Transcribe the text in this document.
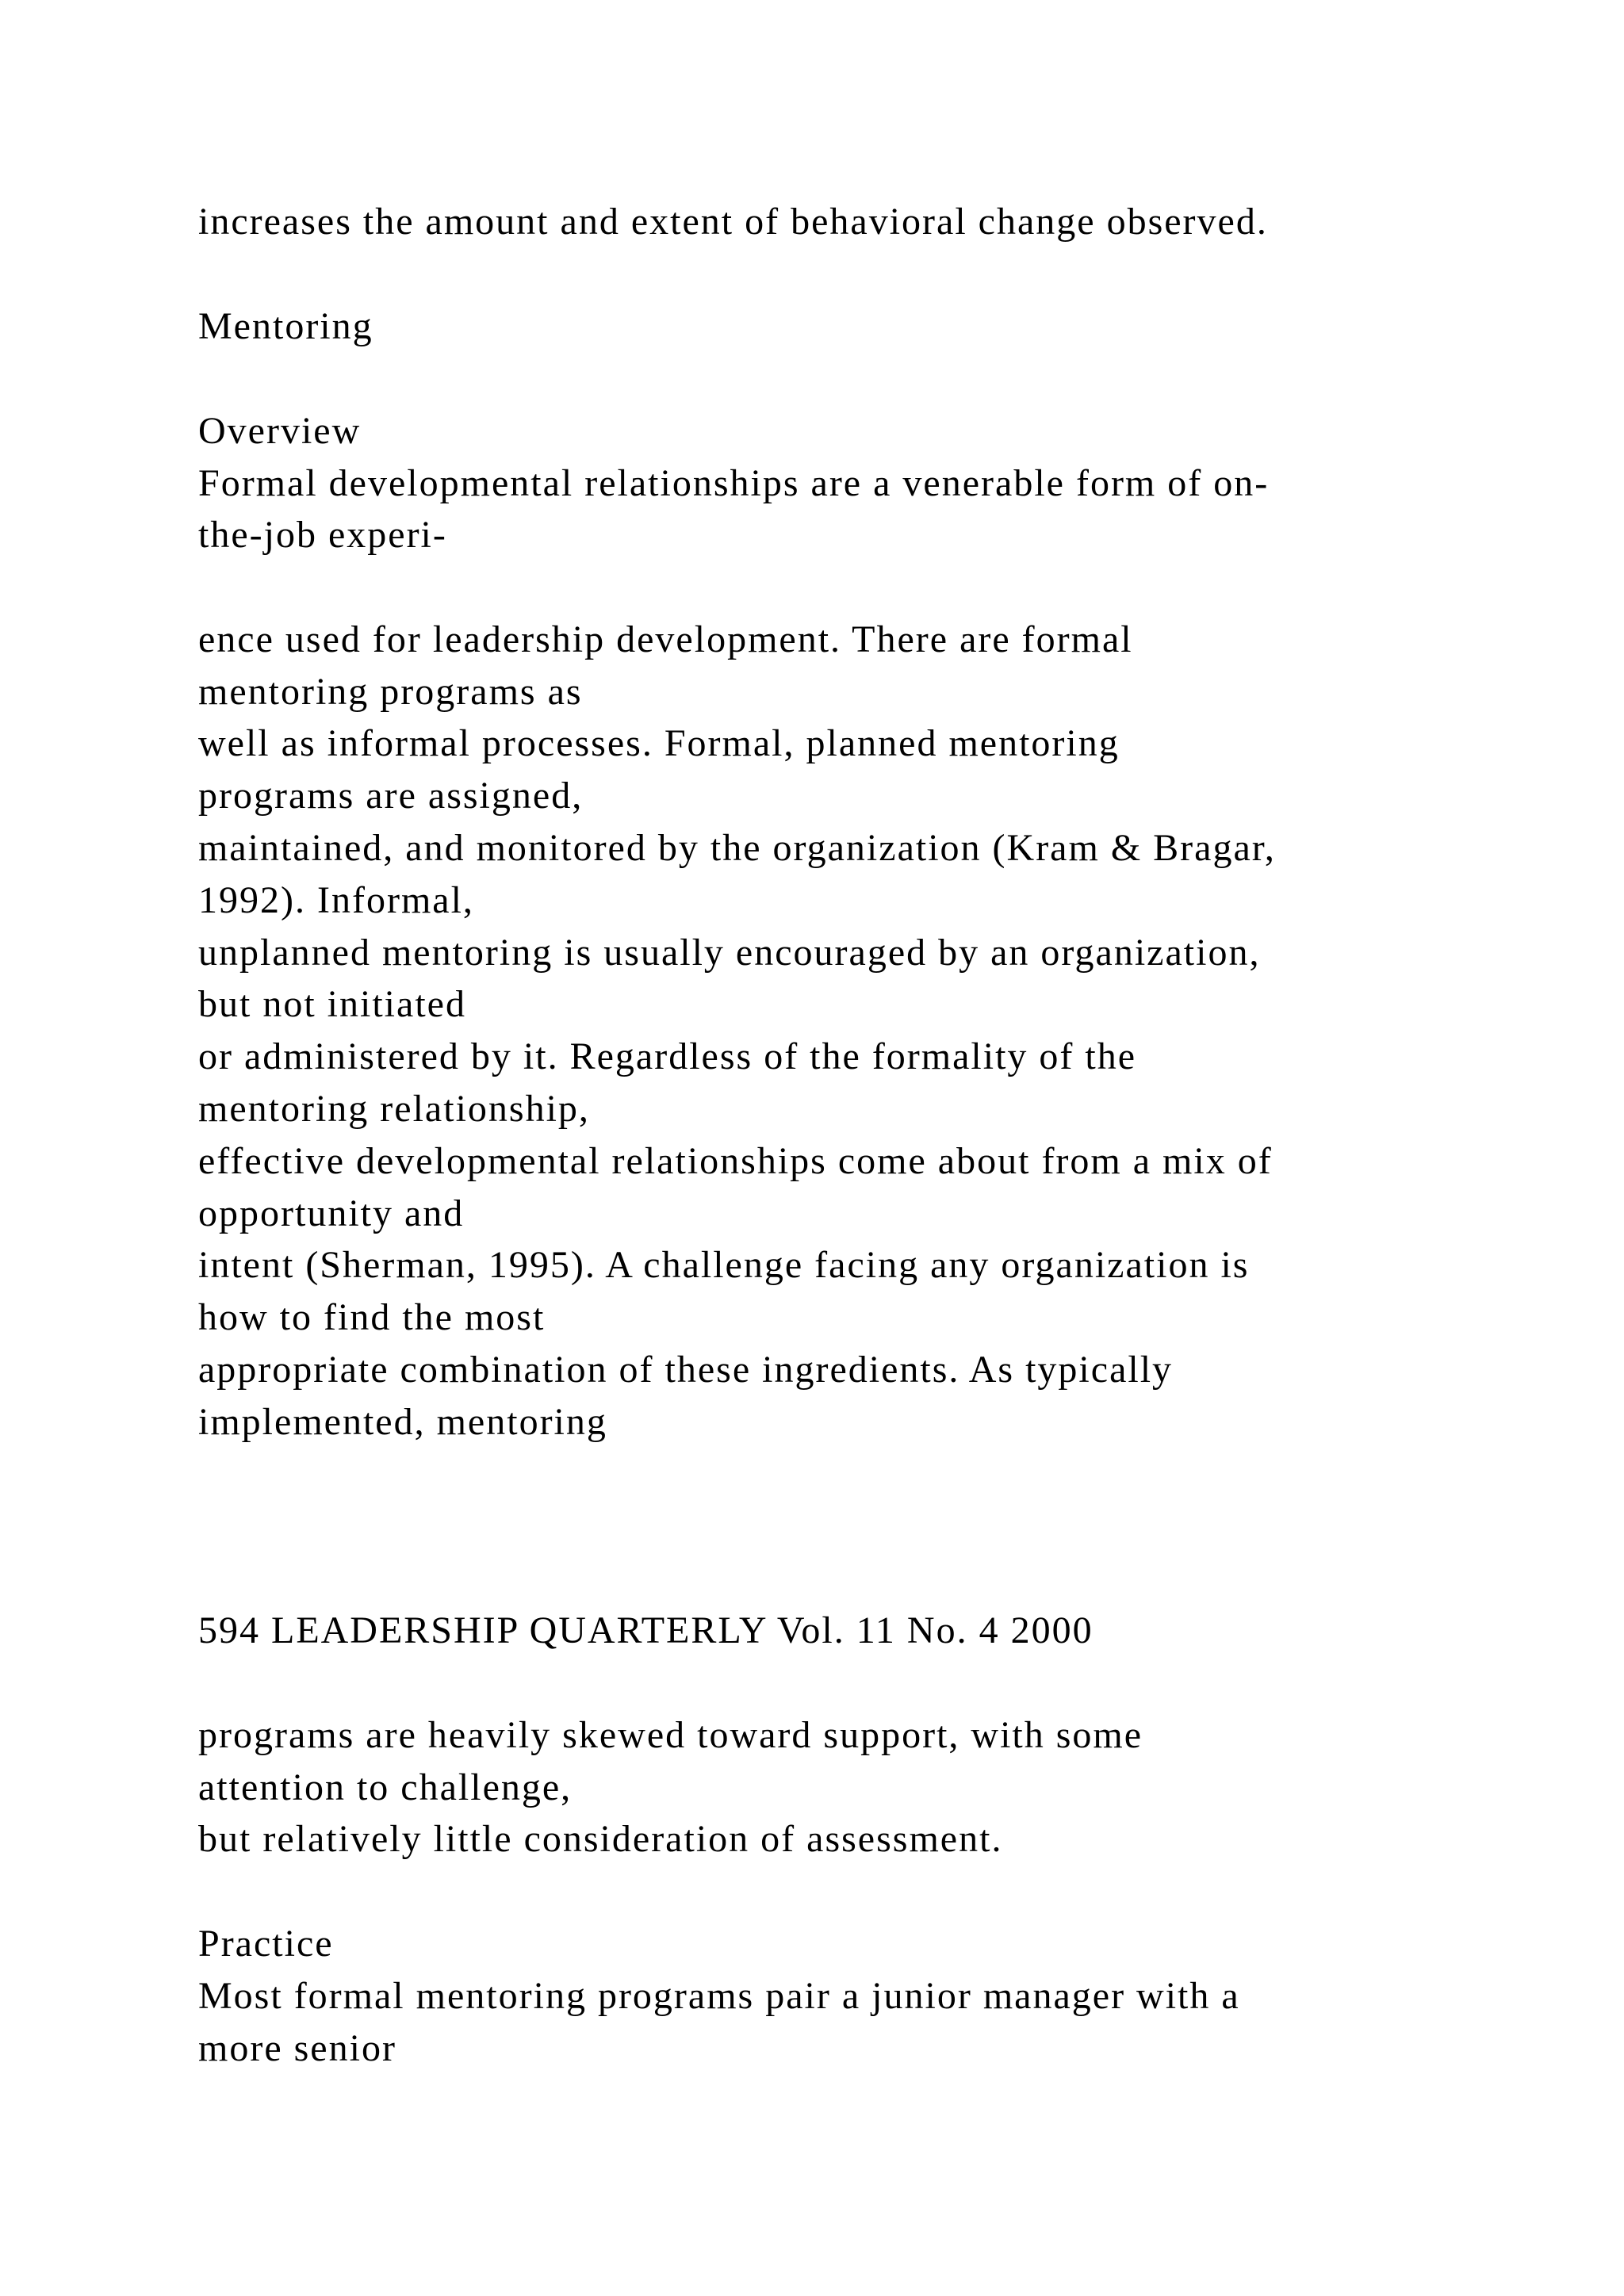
increases the amount and extent of behavioral change observed.
Mentoring
Overview
Formal developmental relationships are a venerable form of on-
the-job experi-
ence used for leadership development. There are formal
mentoring programs as
well as informal processes. Formal, planned mentoring
programs are assigned,
maintained, and monitored by the organization (Kram & Bragar,
1992). Informal,
unplanned mentoring is usually encouraged by an organization,
but not initiated
or administered by it. Regardless of the formality of the
mentoring relationship,
effective developmental relationships come about from a mix of
opportunity and
intent (Sherman, 1995). A challenge facing any organization is
how to find the most
appropriate combination of these ingredients. As typically
implemented, mentoring
594 LEADERSHIP QUARTERLY Vol. 11 No. 4 2000
programs are heavily skewed toward support, with some
attention to challenge,
but relatively little consideration of assessment.
Practice
Most formal mentoring programs pair a junior manager with a
more senior
